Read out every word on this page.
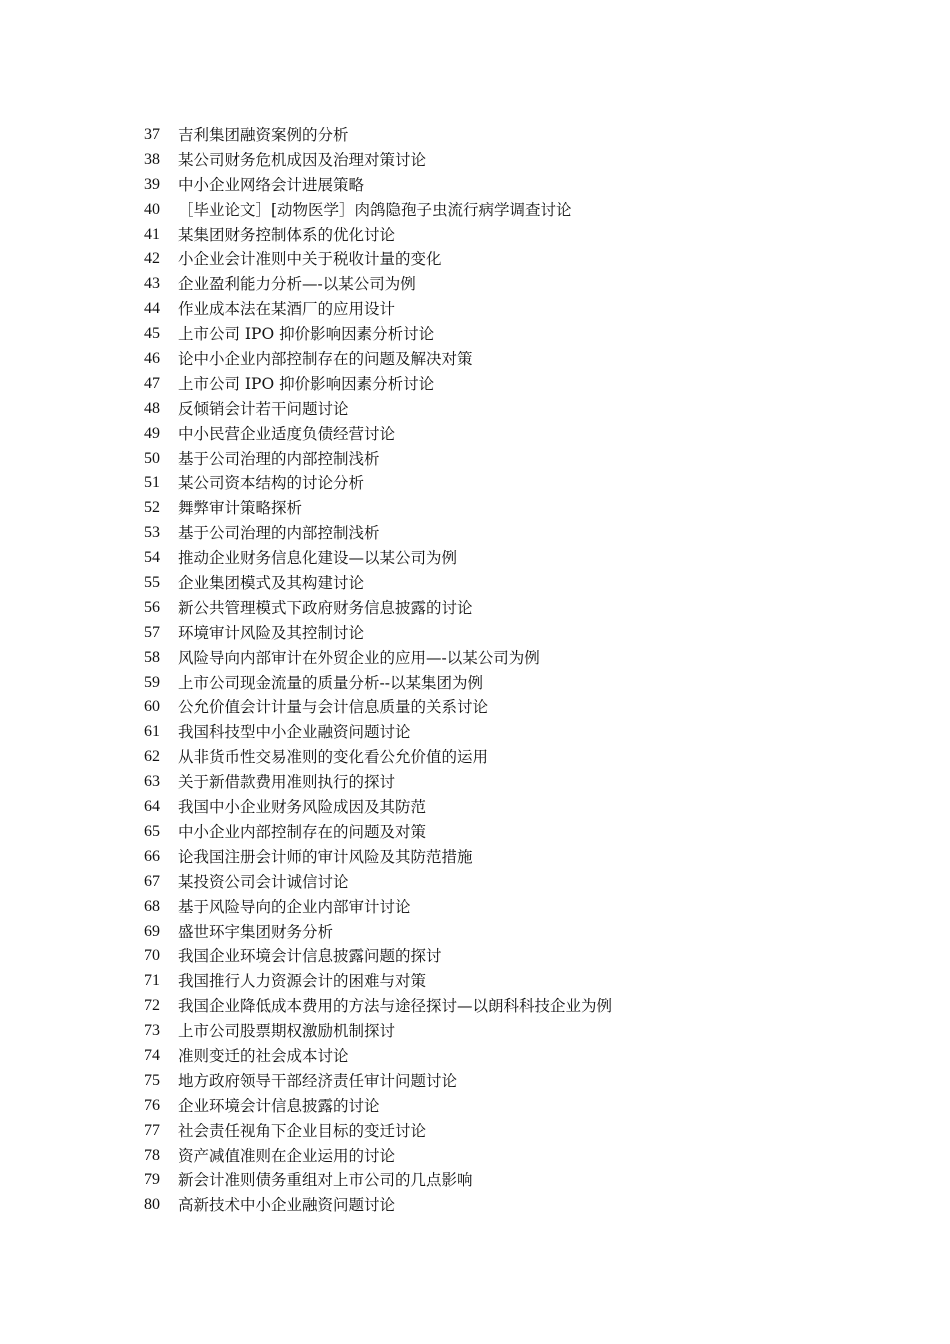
37	吉利集团融资案例的分析
38	某公司财务危机成因及治理对策讨论
39	中小企业网络会计进展策略
40	［毕业论文］[动物医学］肉鸽隐孢子虫流行病学调查讨论
41	某集团财务控制体系的优化讨论
42	小企业会计准则中关于税收计量的变化
43	企业盈利能力分析—-以某公司为例
44	作业成本法在某酒厂的应用设计
45	上市公司 IPO 抑价影响因素分析讨论
46	论中小企业内部控制存在的问题及解决对策
47	上市公司 IPO 抑价影响因素分析讨论
48	反倾销会计若干问题讨论
49	中小民营企业适度负债经营讨论
50	基于公司治理的内部控制浅析
51	某公司资本结构的讨论分析
52	舞弊审计策略探析
53	基于公司治理的内部控制浅析
54	推动企业财务信息化建设—以某公司为例
55	企业集团模式及其构建讨论
56	新公共管理模式下政府财务信息披露的讨论
57	环境审计风险及其控制讨论
58	风险导向内部审计在外贸企业的应用—-以某公司为例
59	上市公司现金流量的质量分析--以某集团为例
60	公允价值会计计量与会计信息质量的关系讨论
61	我国科技型中小企业融资问题讨论
62	从非货币性交易准则的变化看公允价值的运用
63	关于新借款费用准则执行的探讨
64	我国中小企业财务风险成因及其防范
65	中小企业内部控制存在的问题及对策
66	论我国注册会计师的审计风险及其防范措施
67	某投资公司会计诚信讨论
68	基于风险导向的企业内部审计讨论
69	盛世环宇集团财务分析
70	我国企业环境会计信息披露问题的探讨
71	我国推行人力资源会计的困难与对策
72	我国企业降低成本费用的方法与途径探讨—以朗科科技企业为例
73	上市公司股票期权激励机制探讨
74	准则变迁的社会成本讨论
75	地方政府领导干部经济责任审计问题讨论
76	企业环境会计信息披露的讨论
77	社会责任视角下企业目标的变迁讨论
78	资产减值准则在企业运用的讨论
79	新会计准则债务重组对上市公司的几点影响
80	高新技术中小企业融资问题讨论
